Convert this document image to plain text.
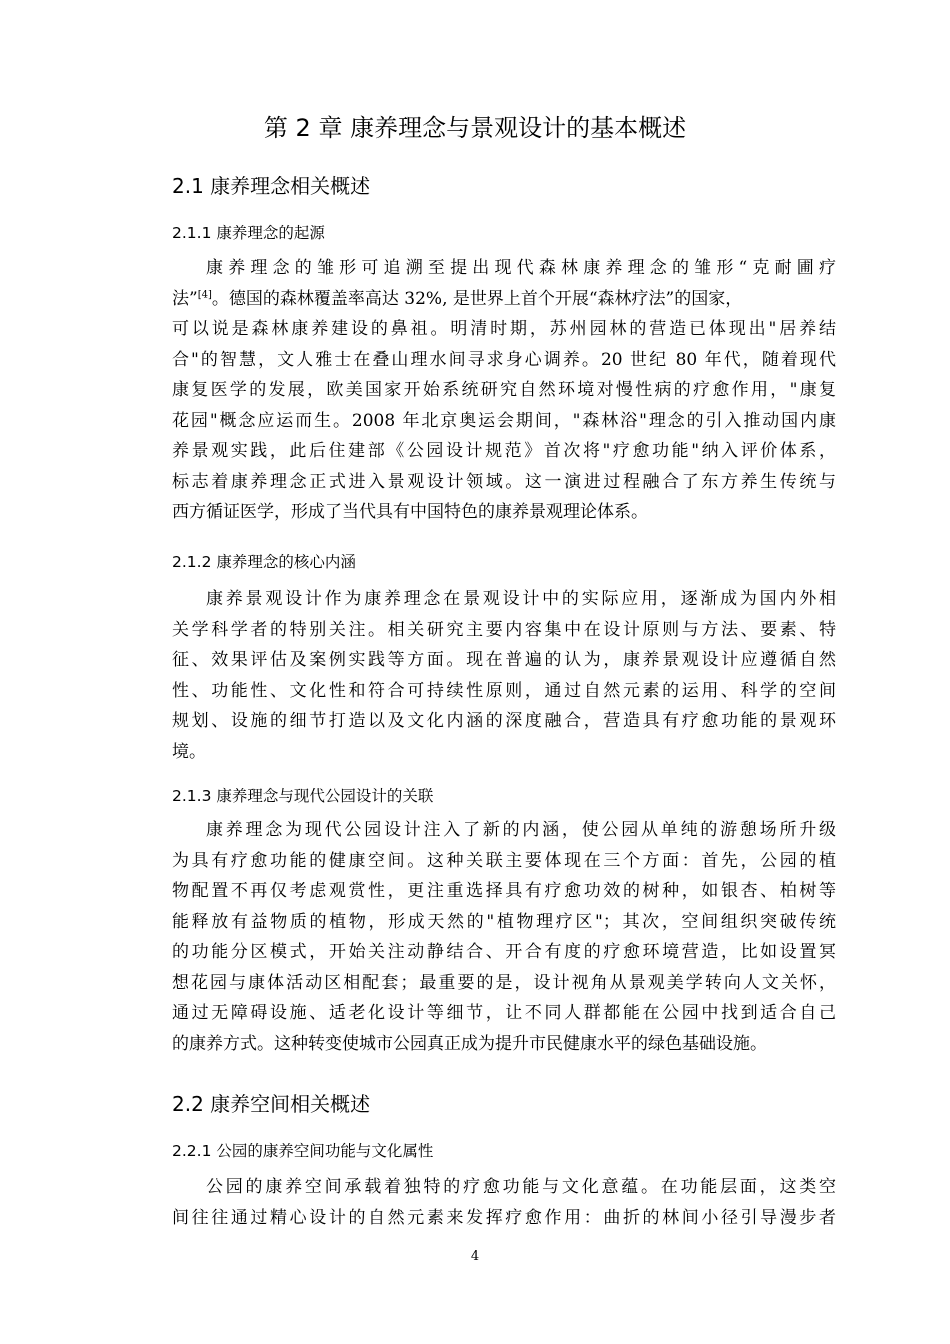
第 2 章 康养理念与景观设计的基本概述
2.1 康养理念相关概述
2.1.1 康养理念的起源
康养理念的雏形可追溯至提出现代森林康养理念的雏形“克耐圃疗
法”[4]。德国的森林覆盖率高达 32%, 是世界上首个开展“森林疗法”的国家，
可以说是森林康养建设的鼻祖。明清时期，苏州园林的营造已体现出"居养结
合"的智慧，文人雅士在叠山理水间寻求身心调养。20 世纪 80 年代，随着现代
康复医学的发展，欧美国家开始系统研究自然环境对慢性病的疗愈作用，"康复
花园"概念应运而生。2008 年北京奥运会期间，"森林浴"理念的引入推动国内康
养景观实践，此后住建部《公园设计规范》首次将"疗愈功能"纳入评价体系，
标志着康养理念正式进入景观设计领域。这一演进过程融合了东方养生传统与
西方循证医学，形成了当代具有中国特色的康养景观理论体系。
2.1.2 康养理念的核心内涵
康养景观设计作为康养理念在景观设计中的实际应用，逐渐成为国内外相
关学科学者的特别关注。相关研究主要内容集中在设计原则与方法、要素、特
征、效果评估及案例实践等方面。现在普遍的认为，康养景观设计应遵循自然
性、功能性、文化性和符合可持续性原则，通过自然元素的运用、科学的空间
规划、设施的细节打造以及文化内涵的深度融合，营造具有疗愈功能的景观环
境。
2.1.3 康养理念与现代公园设计的关联
康养理念为现代公园设计注入了新的内涵，使公园从单纯的游憩场所升级
为具有疗愈功能的健康空间。这种关联主要体现在三个方面：首先，公园的植
物配置不再仅考虑观赏性，更注重选择具有疗愈功效的树种，如银杏、柏树等
能释放有益物质的植物，形成天然的"植物理疗区"；其次，空间组织突破传统
的功能分区模式，开始关注动静结合、开合有度的疗愈环境营造，比如设置冥
想花园与康体活动区相配套；最重要的是，设计视角从景观美学转向人文关怀，
通过无障碍设施、适老化设计等细节，让不同人群都能在公园中找到适合自己
的康养方式。这种转变使城市公园真正成为提升市民健康水平的绿色基础设施。
2.2 康养空间相关概述
2.2.1 公园的康养空间功能与文化属性
公园的康养空间承载着独特的疗愈功能与文化意蕴。在功能层面，这类空
间往往通过精心设计的自然元素来发挥疗愈作用：曲折的林间小径引导漫步者
4
